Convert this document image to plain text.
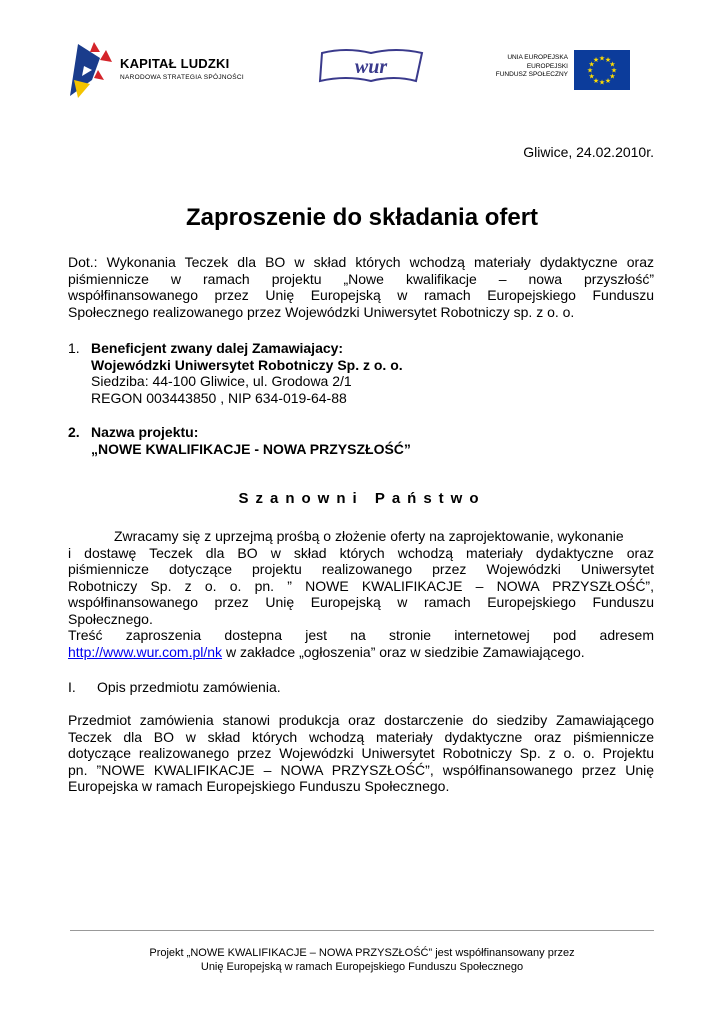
KAPITAŁ LUDZKI
NARODOWA STRATEGIA SPÓJNOŚCI	wur	UNIA EUROPEJSKA
EUROPEJSKI
FUNDUSZ SPOŁECZNY	★
★
★
★
★
★
★
★
★ ★ ★
★
Gliwice, 24.02.2010r.
Zaproszenie do składania ofert
Dot.: Wykonania Teczek dla BO w skład których wchodzą materiały dydaktyczne oraz
piśmiennicze w ramach projektu „Nowe kwalifikacje – nowa przyszłość”
współfinansowanego przez Unię Europejską w ramach Europejskiego Funduszu
Społecznego realizowanego przez Wojewódzki Uniwersytet Robotniczy sp. z o. o.
1. Beneficjent zwany dalej Zamawiajacy:
Wojewódzki Uniwersytet Robotniczy Sp. z o. o.
Siedziba: 44-100 Gliwice, ul. Grodowa 2/1
REGON 003443850 , NIP 634-019-64-88
2. Nazwa projektu:
„NOWE KWALIFIKACJE - NOWA PRZYSZŁOŚĆ”
Szanowni Państwo
Zwracamy się z uprzejmą prośbą o złożenie oferty na zaprojektowanie, wykonanie
i dostawę Teczek dla BO w skład których wchodzą materiały dydaktyczne oraz
piśmiennicze dotyczące projektu realizowanego przez Wojewódzki Uniwersytet
Robotniczy Sp. z o. o. pn. ” NOWE KWALIFIKACJE – NOWA PRZYSZŁOŚĆ”,
współfinansowanego przez Unię Europejską w ramach Europejskiego Funduszu
Społecznego.
Treść zaproszenia dostepna jest na stronie internetowej pod adresem
http://www.wur.com.pl/nk w zakładce „ogłoszenia” oraz w siedzibie Zamawiającego.
I. Opis przedmiotu zamówienia.
Przedmiot zamówienia stanowi produkcja oraz dostarczenie do siedziby Zamawiającego
Teczek dla BO w skład których wchodzą materiały dydaktyczne oraz piśmiennicze
dotyczące realizowanego przez Wojewódzki Uniwersytet Robotniczy Sp. z o. o. Projektu
pn. ”NOWE KWALIFIKACJE – NOWA PRZYSZŁOŚĆ”, współfinansowanego przez Unię
Europejska w ramach Europejskiego Funduszu Społecznego.
Projekt „NOWE KWALIFIKACJE – NOWA PRZYSZŁOŚĆ” jest współfinansowany przez
Unię Europejską w ramach Europejskiego Funduszu Społecznego
